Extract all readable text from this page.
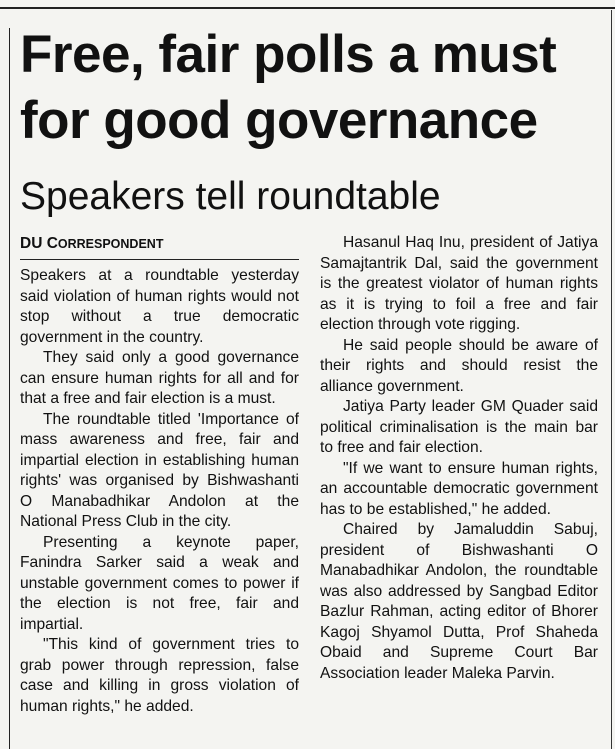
Free, fair polls a must
for good governance
Speakers tell roundtable
DU CORRESPONDENT

Speakers at a roundtable yesterday said violation of human rights would not stop without a true democratic government in the country.

They said only a good governance can ensure human rights for all and for that a free and fair election is a must.

The roundtable titled 'Importance of mass awareness and free, fair and impartial election in establishing human rights' was organised by Bishwashanti O Manabadhikar Andolon at the National Press Club in the city.

Presenting a keynote paper, Fanindra Sarker said a weak and unstable government comes to power if the election is not free, fair and impartial.

"This kind of government tries to grab power through repression, false case and killing in gross violation of human rights," he added.

Hasanul Haq Inu, president of Jatiya Samajtantrik Dal, said the government is the greatest violator of human rights as it is trying to foil a free and fair election through vote rigging.

He said people should be aware of their rights and should resist the alliance government.

Jatiya Party leader GM Quader said political criminalisation is the main bar to free and fair election.

"If we want to ensure human rights, an accountable democratic government has to be established," he added.

Chaired by Jamaluddin Sabuj, president of Bishwashanti O Manabadhikar Andolon, the roundtable was also addressed by Sangbad Editor Bazlur Rahman, acting editor of Bhorer Kagoj Shyamol Dutta, Prof Shaheda Obaid and Supreme Court Bar Association leader Maleka Parvin.
